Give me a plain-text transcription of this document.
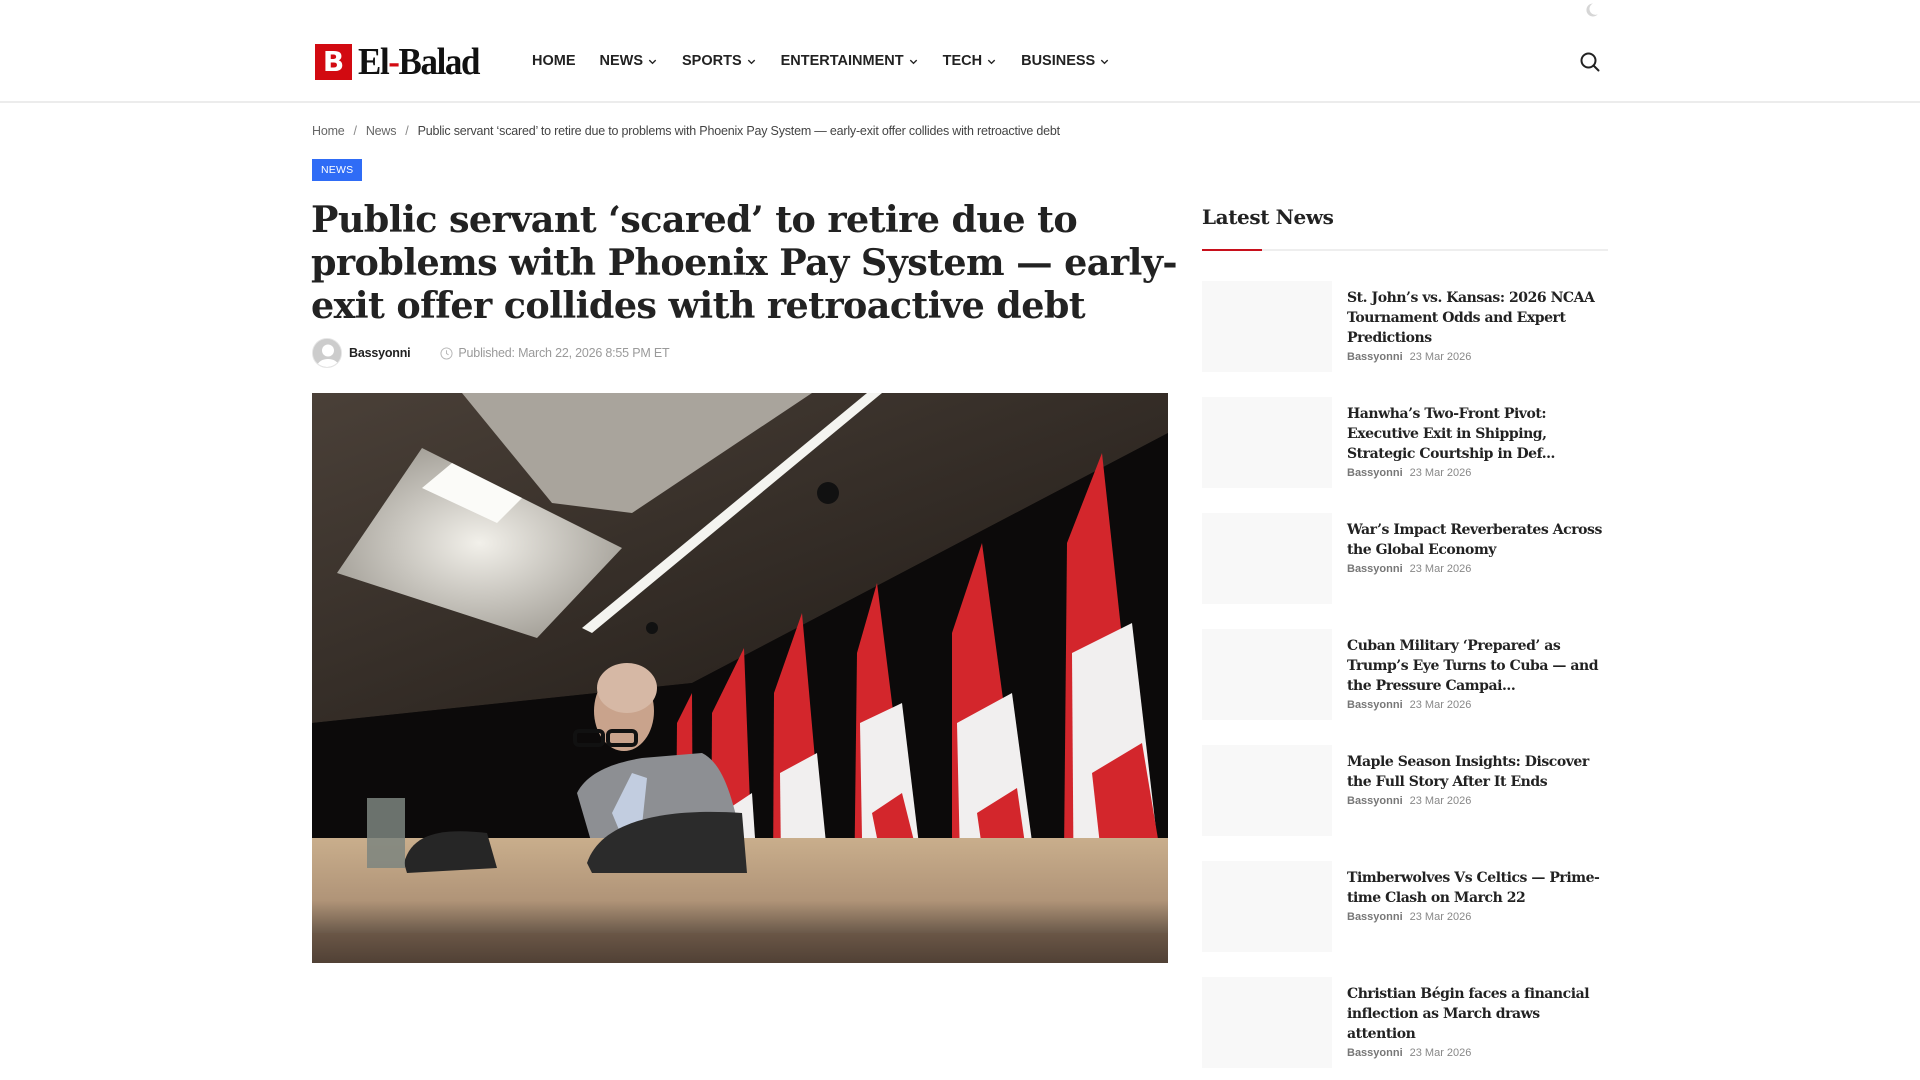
B El-Balad	HOME NEWS	SPORTS	ENTERTAINMENT	TECH	BUSINESS
Home / News / Public servant ‘scared’ to retire due to problems with Phoenix Pay System — early-exit offer collides with retroactive debt
NEWS
Public servant ‘scared’ to retire due to problems with Phoenix Pay System — early-exit offer collides with retroactive debt
Bassyonni	Published: March 22, 2026 8:55 PM ET
Latest News
St. John’s vs. Kansas: 2026 NCAA Tournament Odds and Expert Predictions
Bassyonni 23 Mar 2026
Hanwha’s Two-Front Pivot: Executive Exit in Shipping, Strategic Courtship in Def...
Bassyonni 23 Mar 2026
War’s Impact Reverberates Across the Global Economy
Bassyonni 23 Mar 2026
Cuban Military ‘Prepared’ as Trump’s Eye Turns to Cuba — and the Pressure Campai...
Bassyonni 23 Mar 2026
Maple Season Insights: Discover the Full Story After It Ends
Bassyonni 23 Mar 2026
Timberwolves Vs Celtics — Prime-time Clash on March 22
Bassyonni 23 Mar 2026
Christian Bégin faces a financial inflection as March draws attention
Bassyonni 23 Mar 2026
